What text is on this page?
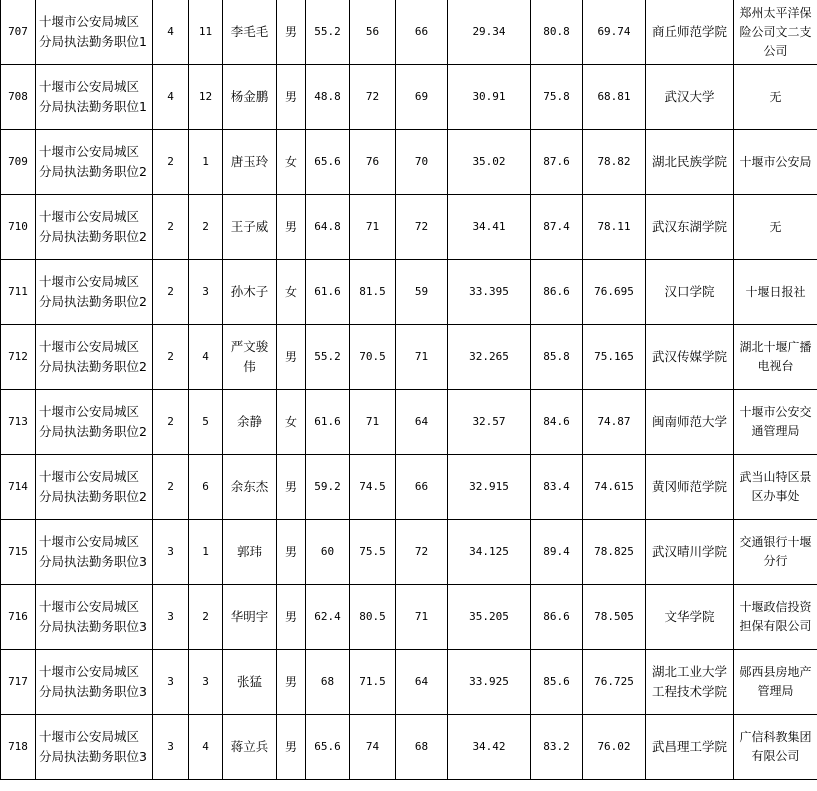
707	十堰市公安局城区分局执法勤务职位1	4	11	李毛毛	男	55.2	56	66	29.34	80.8	69.74	商丘师范学院	郑州太平洋保险公司文二支公司
708	十堰市公安局城区分局执法勤务职位1	4	12	杨金鹏	男	48.8	72	69	30.91	75.8	68.81	武汉大学	无
709	十堰市公安局城区分局执法勤务职位2	2	1	唐玉玲	女	65.6	76	70	35.02	87.6	78.82	湖北民族学院	十堰市公安局
710	十堰市公安局城区分局执法勤务职位2	2	2	王子威	男	64.8	71	72	34.41	87.4	78.11	武汉东湖学院	无
711	十堰市公安局城区分局执法勤务职位2	2	3	孙木子	女	61.6	81.5	59	33.395	86.6	76.695	汉口学院	十堰日报社
712	十堰市公安局城区分局执法勤务职位2	2	4	严文骏伟	男	55.2	70.5	71	32.265	85.8	75.165	武汉传媒学院	湖北十堰广播电视台
713	十堰市公安局城区分局执法勤务职位2	2	5	余静	女	61.6	71	64	32.57	84.6	74.87	闽南师范大学	十堰市公安交通管理局
714	十堰市公安局城区分局执法勤务职位2	2	6	余东杰	男	59.2	74.5	66	32.915	83.4	74.615	黄冈师范学院	武当山特区景区办事处
715	十堰市公安局城区分局执法勤务职位3	3	1	郭玮	男	60	75.5	72	34.125	89.4	78.825	武汉晴川学院	交通银行十堰分行
716	十堰市公安局城区分局执法勤务职位3	3	2	华明宇	男	62.4	80.5	71	35.205	86.6	78.505	文华学院	十堰政信投资担保有限公司
717	十堰市公安局城区分局执法勤务职位3	3	3	张猛	男	68	71.5	64	33.925	85.6	76.725	湖北工业大学工程技术学院	郧西县房地产管理局
718	十堰市公安局城区分局执法勤务职位3	3	4	蒋立兵	男	65.6	74	68	34.42	83.2	76.02	武昌理工学院	广信科教集团有限公司
